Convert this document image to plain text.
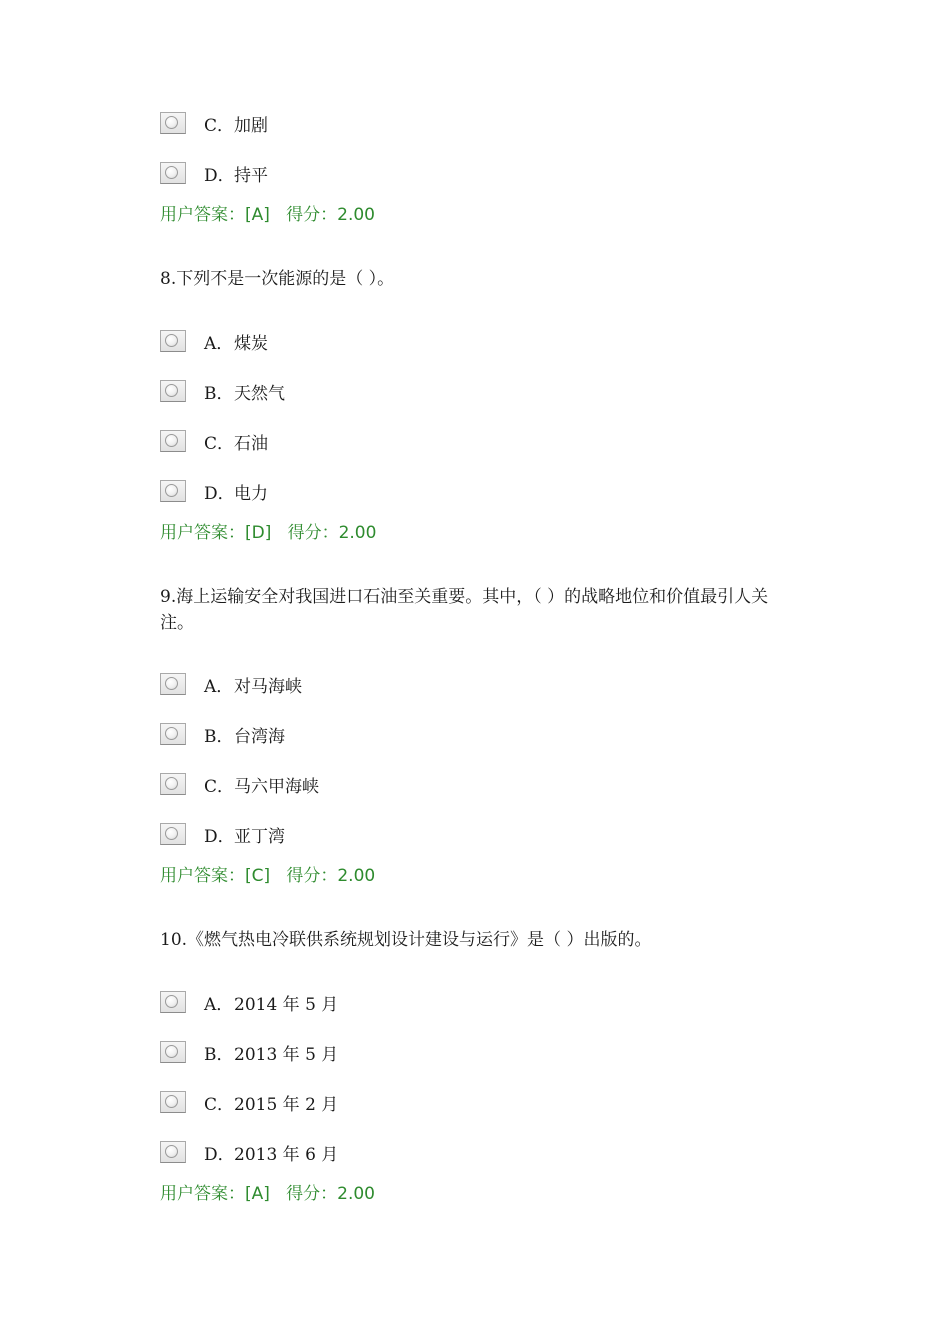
C． 加剧
D． 持平
用户答案：[A] 得分：2.00
8.下列不是一次能源的是（ ）。
A． 煤炭
B． 天然气
C． 石油
D． 电力
用户答案：[D] 得分：2.00
9.海上运输安全对我国进口石油至关重要。其中，（ ）的战略地位和价值最引人关注。
A． 对马海峡
B． 台湾海
C． 马六甲海峡
D． 亚丁湾
用户答案：[C] 得分：2.00
10.《燃气热电冷联供系统规划设计建设与运行》是（ ）出版的。
A． 2014 年 5 月
B． 2013 年 5 月
C． 2015 年 2 月
D． 2013 年 6 月
用户答案：[A] 得分：2.00
